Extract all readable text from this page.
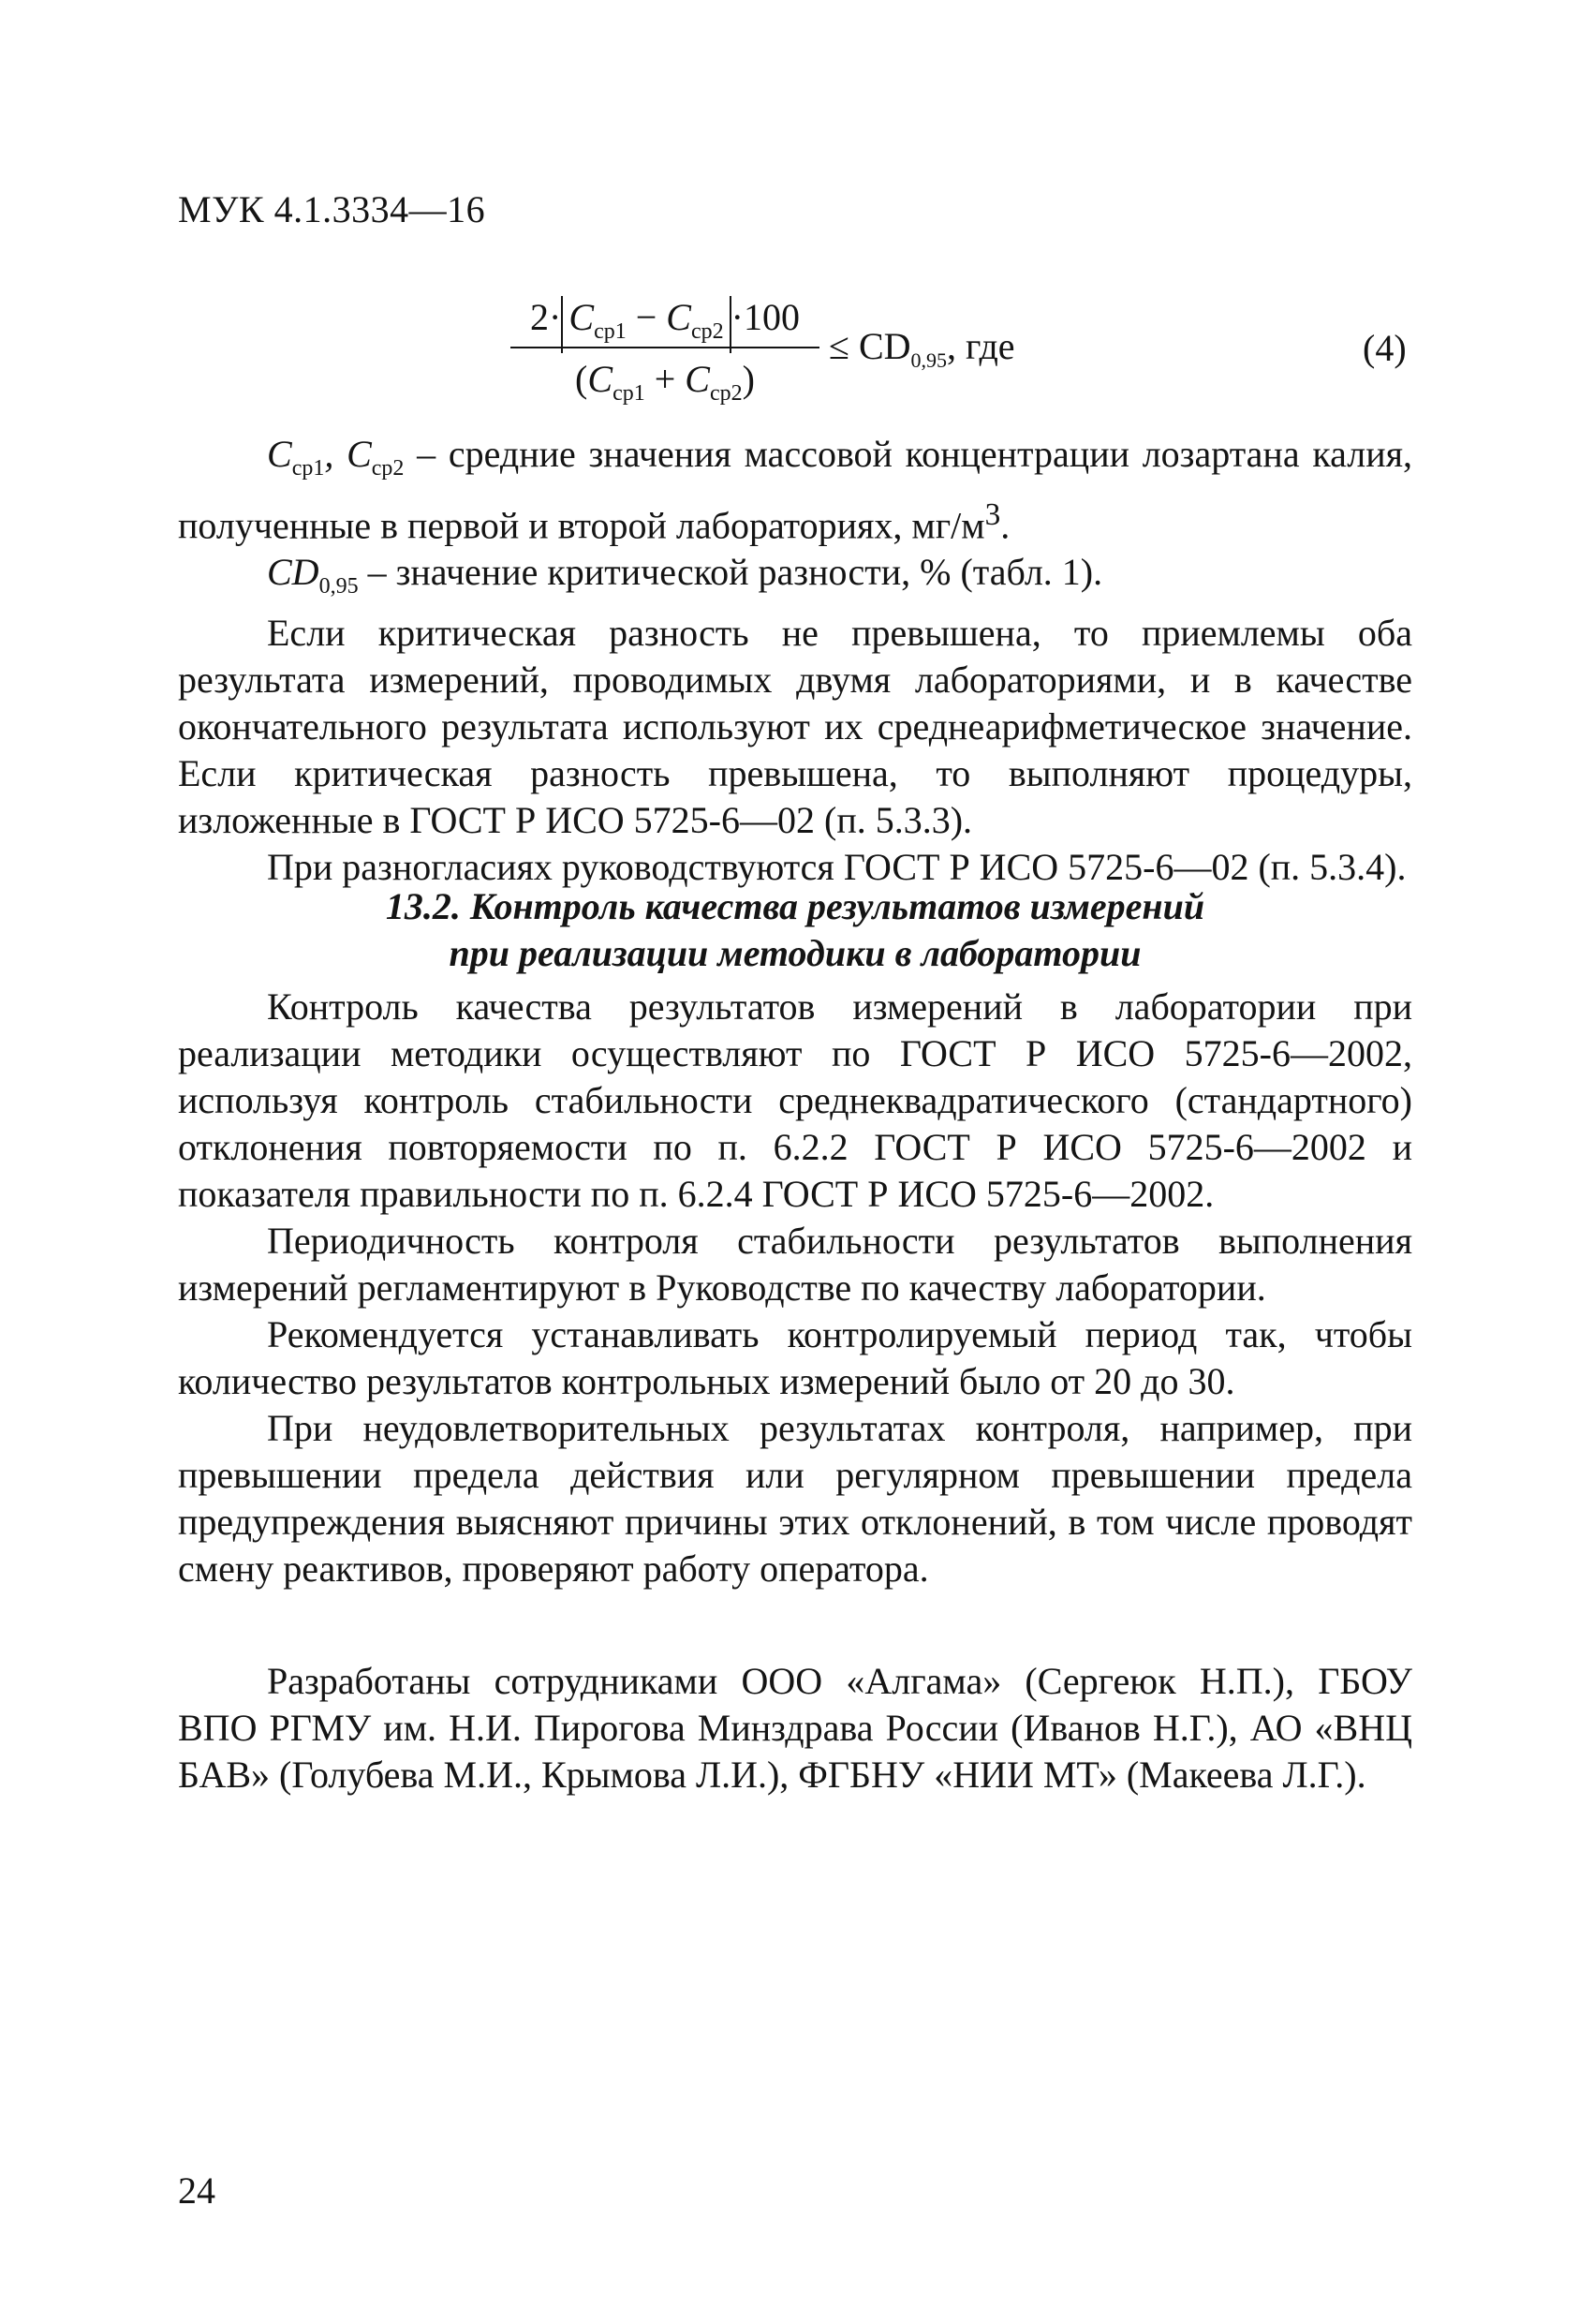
МУК 4.1.3334—16
$2\cdot C_{ср1} - C_{ср2} \cdot 100$
$(C_{ср1} + C_{ср2})$
≤ $CD_{0,95}$, где	(4)

$C_{ср1}$, $C_{ср2}$ – средние значения массовой концентрации лозартана калия, полученные в первой и второй лабораториях, $мг/м^3$.

$CD_{0,95}$ – значение критической разности, % (табл. 1).

Если критическая разность не превышена, то приемлемы оба результата измерений, проводимых двумя лабораториями, и в качестве окончательного результата используют их среднеарифметическое значение. Если критическая разность превышена, то выполняют процедуры, изложенные в ГОСТ Р ИСО 5725-6—02 (п. 5.3.3).

При разногласиях руководствуются ГОСТ Р ИСО 5725-6—02 (п. 5.3.4).

13.2. Контроль качества результатов измерений
при реализации методики в лаборатории

Контроль качества результатов измерений в лаборатории при реализации методики осуществляют по ГОСТ Р ИСО 5725-6—2002, используя контроль стабильности среднеквадратического (стандартного) отклонения повторяемости по п. 6.2.2 ГОСТ Р ИСО 5725-6—2002 и показателя правильности по п. 6.2.4 ГОСТ Р ИСО 5725-6—2002.

Периодичность контроля стабильности результатов выполнения измерений регламентируют в Руководстве по качеству лаборатории.

Рекомендуется устанавливать контролируемый период так, чтобы количество результатов контрольных измерений было от 20 до 30.

При неудовлетворительных результатах контроля, например, при превышении предела действия или регулярном превышении предела предупреждения выясняют причины этих отклонений, в том числе проводят смену реактивов, проверяют работу оператора.

Разработаны сотрудниками ООО «Алгама» (Сергеюк Н.П.), ГБОУ ВПО РГМУ им. Н.И. Пирогова Минздрава России (Иванов Н.Г.), АО «ВНЦ БАВ» (Голубева М.И., Крымова Л.И.), ФГБНУ «НИИ МТ» (Макеева Л.Г.).

24
